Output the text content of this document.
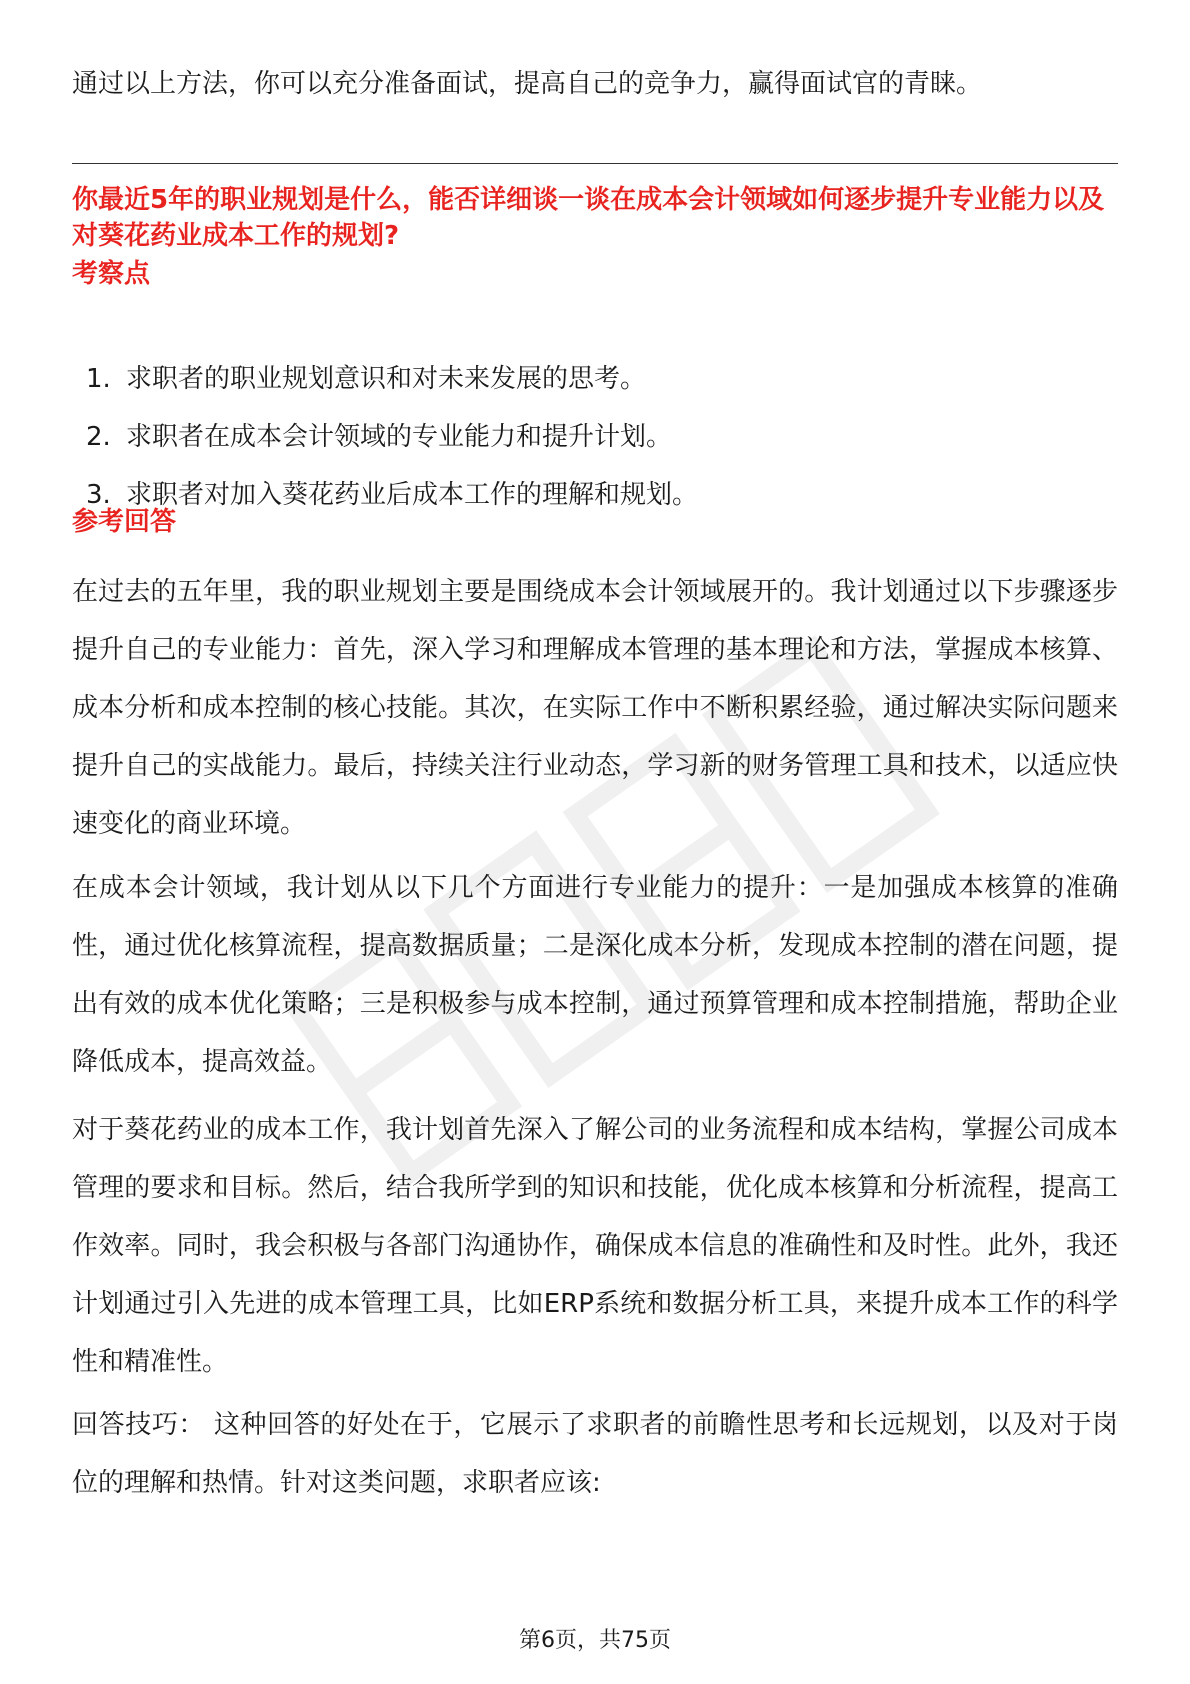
通过以上方法，你可以充分准备面试，提高自己的竞争力，赢得面试官的青睐。
你最近5年的职业规划是什么，能否详细谈一谈在成本会计领域如何逐步提升专业能力以及对葵花药业成本工作的规划?
考察点
1. 求职者的职业规划意识和对未来发展的思考。
2. 求职者在成本会计领域的专业能力和提升计划。
3. 求职者对加入葵花药业后成本工作的理解和规划。
参考回答

在过去的五年里，我的职业规划主要是围绕成本会计领域展开的。我计划通过以下步骤逐步提升自己的专业能力：首先，深入学习和理解成本管理的基本理论和方法，掌握成本核算、成本分析和成本控制的核心技能。其次，在实际工作中不断积累经验，通过解决实际问题来提升自己的实战能力。最后，持续关注行业动态，学习新的财务管理工具和技术，以适应快速变化的商业环境。

在成本会计领域，我计划从以下几个方面进行专业能力的提升：一是加强成本核算的准确性，通过优化核算流程，提高数据质量；二是深化成本分析，发现成本控制的潜在问题，提出有效的成本优化策略；三是积极参与成本控制，通过预算管理和成本控制措施，帮助企业降低成本，提高效益。

对于葵花药业的成本工作，我计划首先深入了解公司的业务流程和成本结构，掌握公司成本管理的要求和目标。然后，结合我所学到的知识和技能，优化成本核算和分析流程，提高工作效率。同时，我会积极与各部门沟通协作，确保成本信息的准确性和及时性。此外，我还计划通过引入先进的成本管理工具，比如ERP系统和数据分析工具，来提升成本工作的科学性和精准性。

回答技巧： 这种回答的好处在于，它展示了求职者的前瞻性思考和长远规划，以及对于岗位的理解和热情。针对这类问题，求职者应该:

第6页，共75页
